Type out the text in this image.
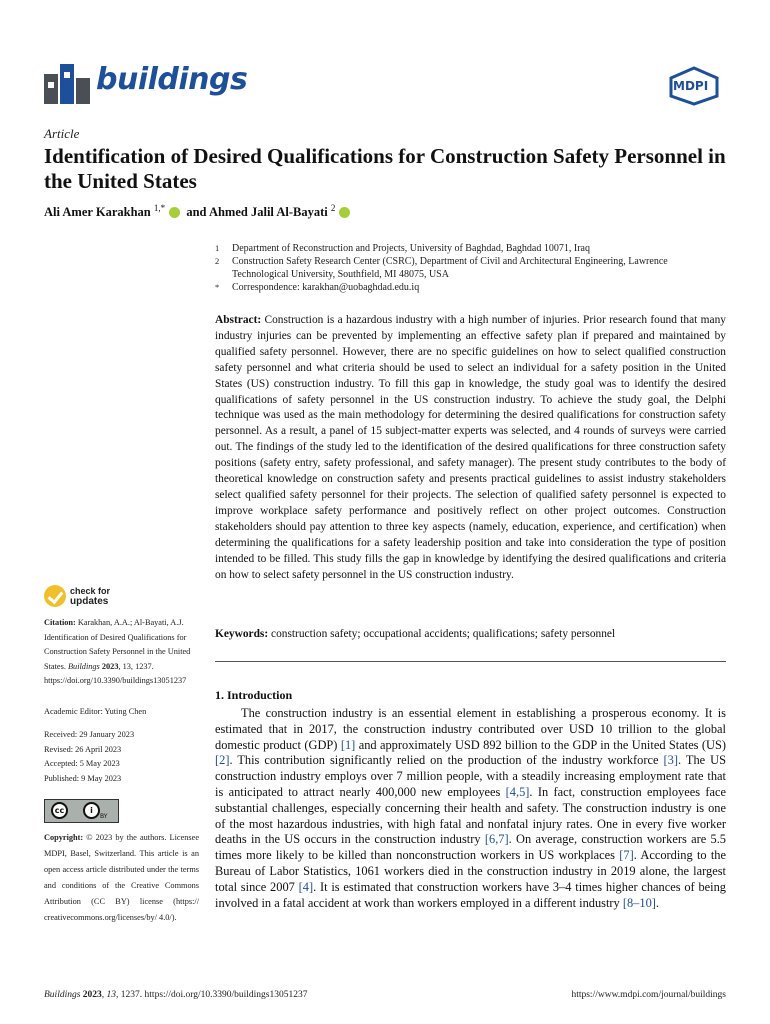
buildings	MDPI
Article
Identification of Desired Qualifications for Construction Safety Personnel in the United States
Ali Amer Karakhan $^{1,*}$ and Ahmed Jalil Al-Bayati $^2$
1 Department of Reconstruction and Projects, University of Baghdad, Baghdad 10071, Iraq
2 Construction Safety Research Center (CSRC), Department of Civil and Architectural Engineering, Lawrence Technological University, Southfield, MI 48075, USA
* Correspondence: karakhan@uobaghdad.edu.iq
Abstract: Construction is a hazardous industry with a high number of injuries. Prior research found that many industry injuries can be prevented by implementing an effective safety plan if prepared and maintained by qualified safety personnel. However, there are no specific guidelines on how to select qualified construction safety personnel and what criteria should be used to select an individual for a safety position in the United States (US) construction industry. To fill this gap in knowledge, the study goal was to identify the desired qualifications of safety personnel in the US construction industry. To achieve the study goal, the Delphi technique was used as the main methodology for determining the desired qualifications for construction safety personnel. As a result, a panel of 15 subject-matter experts was selected, and 4 rounds of surveys were carried out. The findings of the study led to the identification of the desired qualifications for three construction safety positions (safety entry, safety professional, and safety manager). The present study contributes to the body of theoretical knowledge on construction safety and presents practical guidelines to assist industry stakeholders select qualified safety personnel for their projects. The selection of qualified safety personnel is expected to improve workplace safety performance and positively reflect on other project outcomes. Construction stakeholders should pay attention to three key aspects (namely, education, experience, and certification) when determining the qualifications for a safety leadership position and take into consideration the type of position intended to be filled. This study fills the gap in knowledge by identifying the desired qualifications and criteria on how to select safety personnel in the US construction industry.
Keywords: construction safety; occupational accidents; qualifications; safety personnel
check for
updates
Citation: Karakhan, A.A.; Al-Bayati, A.J. Identification of Desired Qualifications for Construction Safety Personnel in the United States. Buildings 2023, 13, 1237. https://doi.org/10.3390/buildings13051237
Academic Editor: Yuting Chen
Received: 29 January 2023
Revised: 26 April 2023
Accepted: 5 May 2023
Published: 9 May 2023
cc	i
BY
Copyright: © 2023 by the authors. Licensee MDPI, Basel, Switzerland. This article is an open access article distributed under the terms and conditions of the Creative Commons Attribution (CC BY) license (https:// creativecommons.org/licenses/by/ 4.0/).
1. Introduction
The construction industry is an essential element in establishing a prosperous economy. It is estimated that in 2017, the construction industry contributed over USD 10 trillion to the global domestic product (GDP) [1] and approximately USD 892 billion to the GDP in the United States (US) [2]. This contribution significantly relied on the production of the industry workforce [3]. The US construction industry employs over 7 million people, with a steadily increasing employment rate that is anticipated to attract nearly 400,000 new employees [4,5]. In fact, construction employees face substantial challenges, especially concerning their health and safety. The construction industry is one of the most hazardous industries, with high fatal and nonfatal injury rates. One in every five worker deaths in the US occurs in the construction industry [6,7]. On average, construction workers are 5.5 times more likely to be killed than nonconstruction workers in US workplaces [7]. According to the Bureau of Labor Statistics, 1061 workers died in the construction industry in 2019 alone, the largest total since 2007 [4]. It is estimated that construction workers have 3–4 times higher chances of being involved in a fatal accident at work than workers employed in a different industry [8–10].
Buildings 2023, 13, 1237. https://doi.org/10.3390/buildings13051237	https://www.mdpi.com/journal/buildings
